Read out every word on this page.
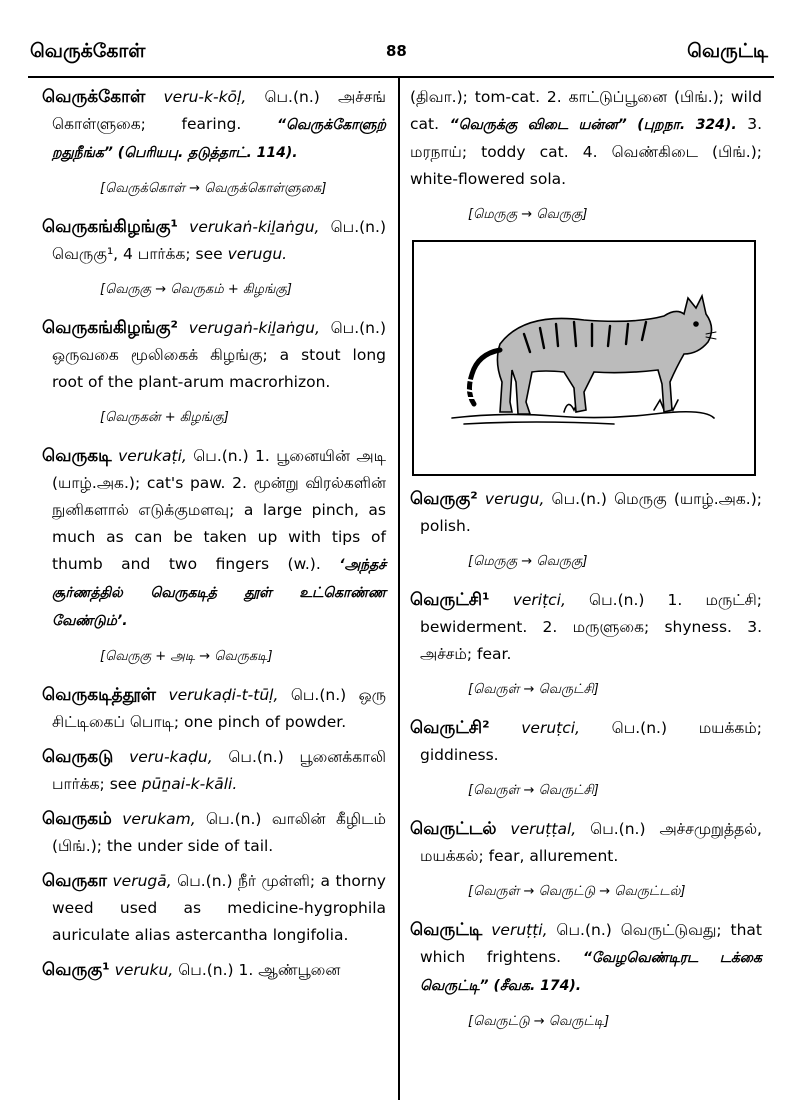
வெருக்கோள்	88	வெருட்டி

வெருக்கோள் veru-k-kōḷ, பெ.(n.) அச்சங் கொள்ளுகை; fearing. “வெருக்கோளுற் றதுநீங்க” (பெரியபு. தடுத்தாட். 114).

[வெருக்கொள் → வெருக்கொள்ளுகை]

வெருகங்கிழங்கு¹ verukaṅ-kiḻaṅgu, பெ.(n.) வெருகு¹, 4 பார்க்க; see verugu.

[வெருகு → வெருகம் + கிழங்கு]

வெருகங்கிழங்கு² verugaṅ-kiḻaṅgu, பெ.(n.) ஒருவகை மூலிகைக் கிழங்கு; a stout long root of the plant-arum macrorhizon.

[வெருகன் + கிழங்கு]

வெருகடி verukaṭi, பெ.(n.) 1. பூனையின் அடி (யாழ்.அக.); cat's paw. 2. மூன்று விரல்களின் நுனிகளால் எடுக்குமளவு; a large pinch, as much as can be taken up with tips of thumb and two fingers (w.). ‘அந்தச் சூர்ணத்தில் வெருகடித் தூள் உட்கொண்ண வேண்டும்’.

[வெருகு + அடி → வெருகடி]

வெருகடித்தூள் verukaḍi-t-tūḷ, பெ.(n.) ஒரு சிட்டிகைப் பொடி; one pinch of powder.

வெருகடு veru-kaḍu, பெ.(n.) பூனைக்காலி பார்க்க; see pūṉai-k-kāli.

வெருகம் verukam, பெ.(n.) வாலின் கீழிடம் (பிங்.); the under side of tail.

வெருகா verugā, பெ.(n.) நீர் முள்ளி; a thorny weed used as medicine-hygrophila auriculate alias astercantha longifolia.

வெருகு¹ veruku, பெ.(n.) 1. ஆண்பூனை

(திவா.); tom-cat. 2. காட்டுப்பூனை (பிங்.); wild cat. “வெருக்கு விடை யன்ன” (புறநா. 324). 3. மரநாய்; toddy cat. 4. வெண்கிடை (பிங்.); white-flowered sola.

[மெருகு → வெருகு]

வெருகு² verugu, பெ.(n.) மெருகு (யாழ்.அக.); polish.

[மெருகு → வெருகு]

வெருட்சி¹ veriṭci, பெ.(n.) 1. மருட்சி; bewiderment. 2. மருளுகை; shyness. 3. அச்சம்; fear.

[வெருள் → வெருட்சி]

வெருட்சி² veruṭci, பெ.(n.) மயக்கம்; giddiness.

[வெருள் → வெருட்சி]

வெருட்டல் veruṭṭal, பெ.(n.) அச்சமுறுத்தல், மயக்கல்; fear, allurement.

[வெருள் → வெருட்டு → வெருட்டல்]

வெருட்டி veruṭṭi, பெ.(n.) வெருட்டுவது; that which frightens. “வேழவெண்டிரட டக்கை வெருட்டி” (சீவக. 174).

[வெருட்டு → வெருட்டி]
